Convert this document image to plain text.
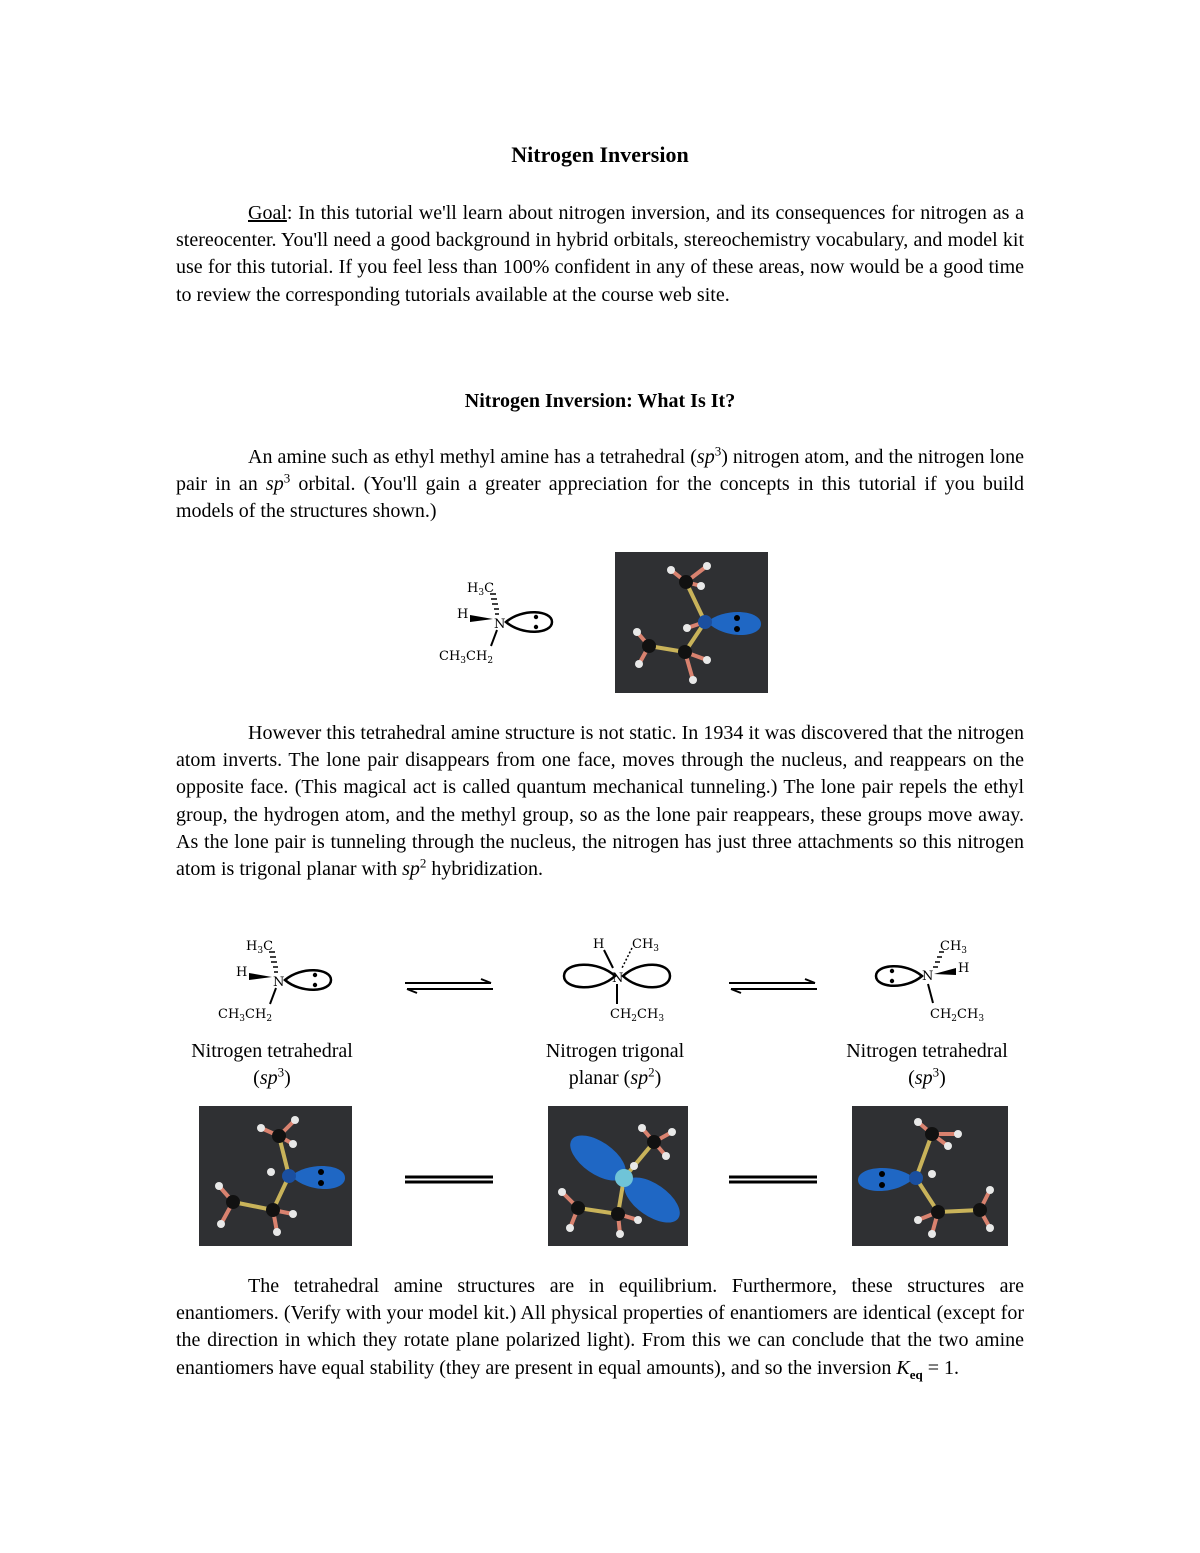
Nitrogen Inversion
Goal: In this tutorial we'll learn about nitrogen inversion, and its consequences for nitrogen as a stereocenter. You'll need a good background in hybrid orbitals, stereochemistry vocabulary, and model kit use for this tutorial. If you feel less than 100% confident in any of these areas, now would be a good time to review the corresponding tutorials available at the course web site.
Nitrogen Inversion: What Is It?
An amine such as ethyl methyl amine has a tetrahedral $(sp^3)$ nitrogen atom, and the nitrogen lone pair in an $sp^3$ orbital. (You'll gain a greater appreciation for the concepts in this tutorial if you build models of the structures shown.)
$H_3C$
H
N
$CH_3CH_2$
However this tetrahedral amine structure is not static. In 1934 it was discovered that the nitrogen atom inverts. The lone pair disappears from one face, moves through the nucleus, and reappears on the opposite face. (This magical act is called quantum mechanical tunneling.) The lone pair repels the ethyl group, the hydrogen atom, and the methyl group, so as the lone pair reappears, these groups move away. As the lone pair is tunneling through the nucleus, the nitrogen has just three attachments so this nitrogen atom is trigonal planar with $sp^2$ hybridization.
$H_3C$
H
N
$CH_3CH_2$
H $CH_3$
N
$CH_2CH_3$
$CH_3$
H
N
$CH_2CH_3$
Nitrogen tetrahedral
$(sp^3)$
Nitrogen trigonal
planar $(sp^2)$
Nitrogen tetrahedral
$(sp^3)$
The tetrahedral amine structures are in equilibrium. Furthermore, these structures are enantiomers. (Verify with your model kit.) All physical properties of enantiomers are identical (except for the direction in which they rotate plane polarized light). From this we can conclude that the two amine enantiomers have equal stability (they are present in equal amounts), and so the inversion $K_{eq} = 1$.
